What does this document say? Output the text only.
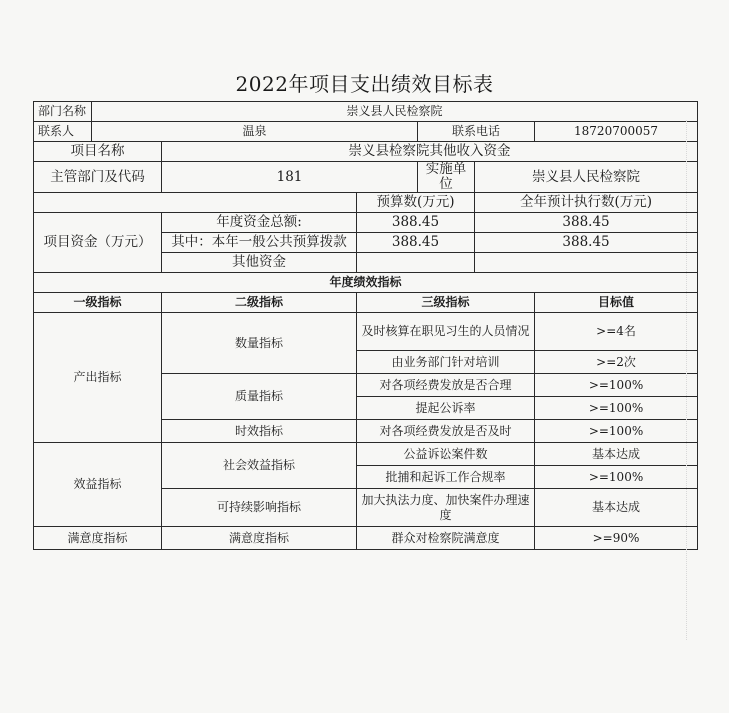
2022年项目支出绩效目标表
部门名称	崇义县人民检察院					
联系人	温泉			联系电话		18720700057
项目名称		崇义县检察院其他收入资金				
主管部门及代码		181		实施单位	崇义县人民检察院	
			预算数(万元)		全年预计执行数(万元)	
项目资金（万元）		年度资金总额:	388.45		388.45	
		其中：本年一般公共预算拨款	388.45		388.45	
		其他资金				
年度绩效指标						
一级指标		二级指标	三级指标			目标值
产出指标		数量指标	及时核算在职见习生的人员情况			>=4名
			由业务部门针对培训			>=2次
		质量指标	对各项经费发放是否合理			>=100%
			提起公诉率			>=100%
		时效指标	对各项经费发放是否及时			>=100%
效益指标		社会效益指标	公益诉讼案件数			基本达成
			批捕和起诉工作合规率			>=100%
		可持续影响指标	加大执法力度、加快案件办理速度			基本达成
满意度指标		满意度指标	群众对检察院满意度			>=90%
